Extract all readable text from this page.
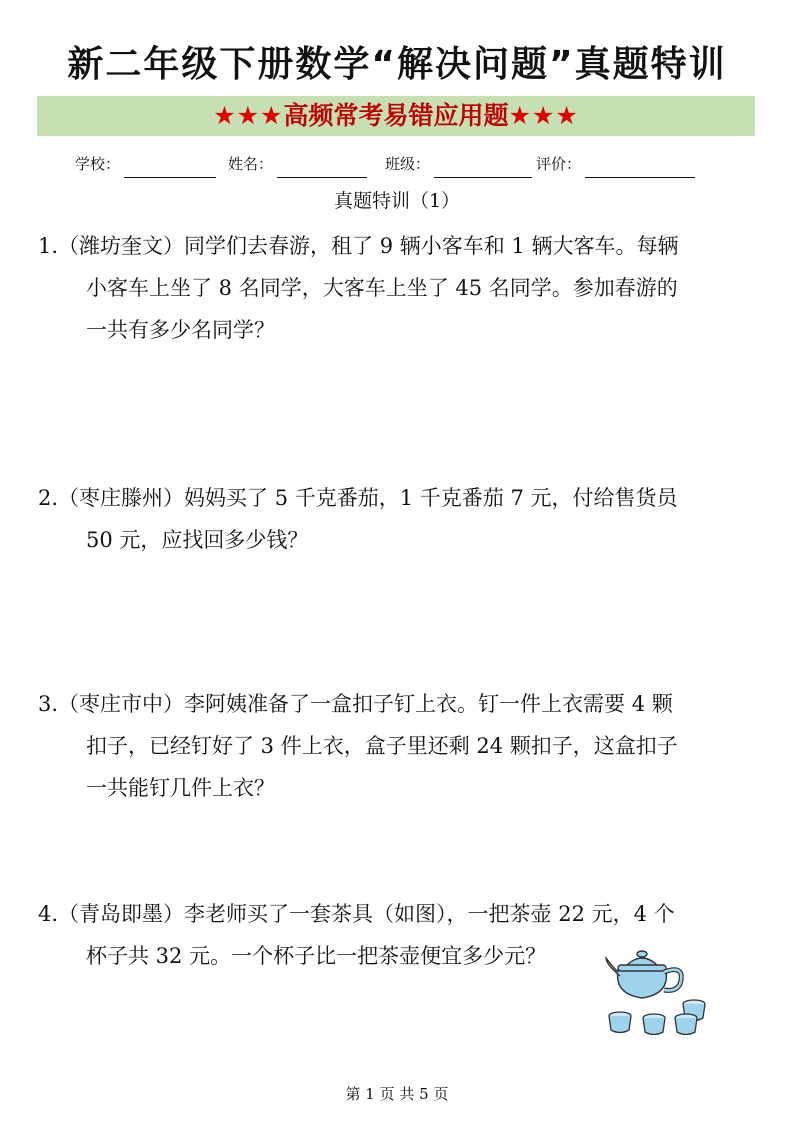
新二年级下册数学“解决问题”真题特训
★★★高频常考易错应用题★★★
学校：	姓名：	班级：	评价：
真题特训（1）
1.（潍坊奎文）同学们去春游，租了 9 辆小客车和 1 辆大客车。每辆
小客车上坐了 8 名同学，大客车上坐了 45 名同学。参加春游的
一共有多少名同学？
2.（枣庄滕州）妈妈买了 5 千克番茄，1 千克番茄 7 元，付给售货员
50 元，应找回多少钱？
3.（枣庄市中）李阿姨准备了一盒扣子钉上衣。钉一件上衣需要 4 颗
扣子，已经钉好了 3 件上衣，盒子里还剩 24 颗扣子，这盒扣子
一共能钉几件上衣？
4.（青岛即墨）李老师买了一套茶具（如图），一把茶壶 22 元，4 个
杯子共 32 元。一个杯子比一把茶壶便宜多少元？
第 1 页 共 5 页
